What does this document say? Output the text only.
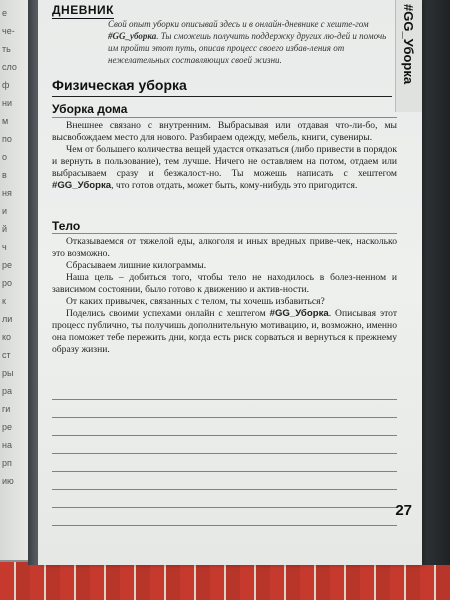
е
че-
ть
сло
ф
ни
м
по
о
в
ня
и
й
ч
ре
ро
к
ли
ко
ст
ры
ра
ги
ре
на
рп
ию
ДНЕВНИК	#GG_Уборка
Свой опыт уборки описывай здесь и в онлайн-дневнике с хеште-гом #GG_уборка. Ты сможешь получить поддержку других лю-дей и помочь им пройти этот путь, описав процесс своего избав-ления от нежелательных составляющих своей жизни.
Физическая уборка
Уборка дома

Внешнее связано с внутренним. Выбрасывая или отдавая что-ли-бо, мы высвобождаем место для нового. Разбираем одежду, мебель, книги, сувениры.

Чем от большего количества вещей удастся отказаться (либо привести в порядок и вернуть в пользование), тем лучше. Ничего не оставляем на потом, отдаем или выбрасываем сразу и безжалост-но. Ты можешь написать с хештегом #GG_Уборка, что готов отдать, может быть, кому-нибудь это пригодится.

Тело

Отказываемся от тяжелой еды, алкоголя и иных вредных приве-чек, насколько это возможно.

Сбрасываем лишние килограммы.

Наша цель – добиться того, чтобы тело не находилось в болез-ненном и зависимом состоянии, было готово к движению и актив-ности.

От каких привычек, связанных с телом, ты хочешь избавиться?

Поделись своими успехами онлайн с хештегом #GG_Уборка. Описывая этот процесс публично, ты получишь дополнительную мотивацию, и, возможно, именно она поможет тебе пережить дни, когда есть риск сорваться и вернуться к прежнему образу жизни.

27
